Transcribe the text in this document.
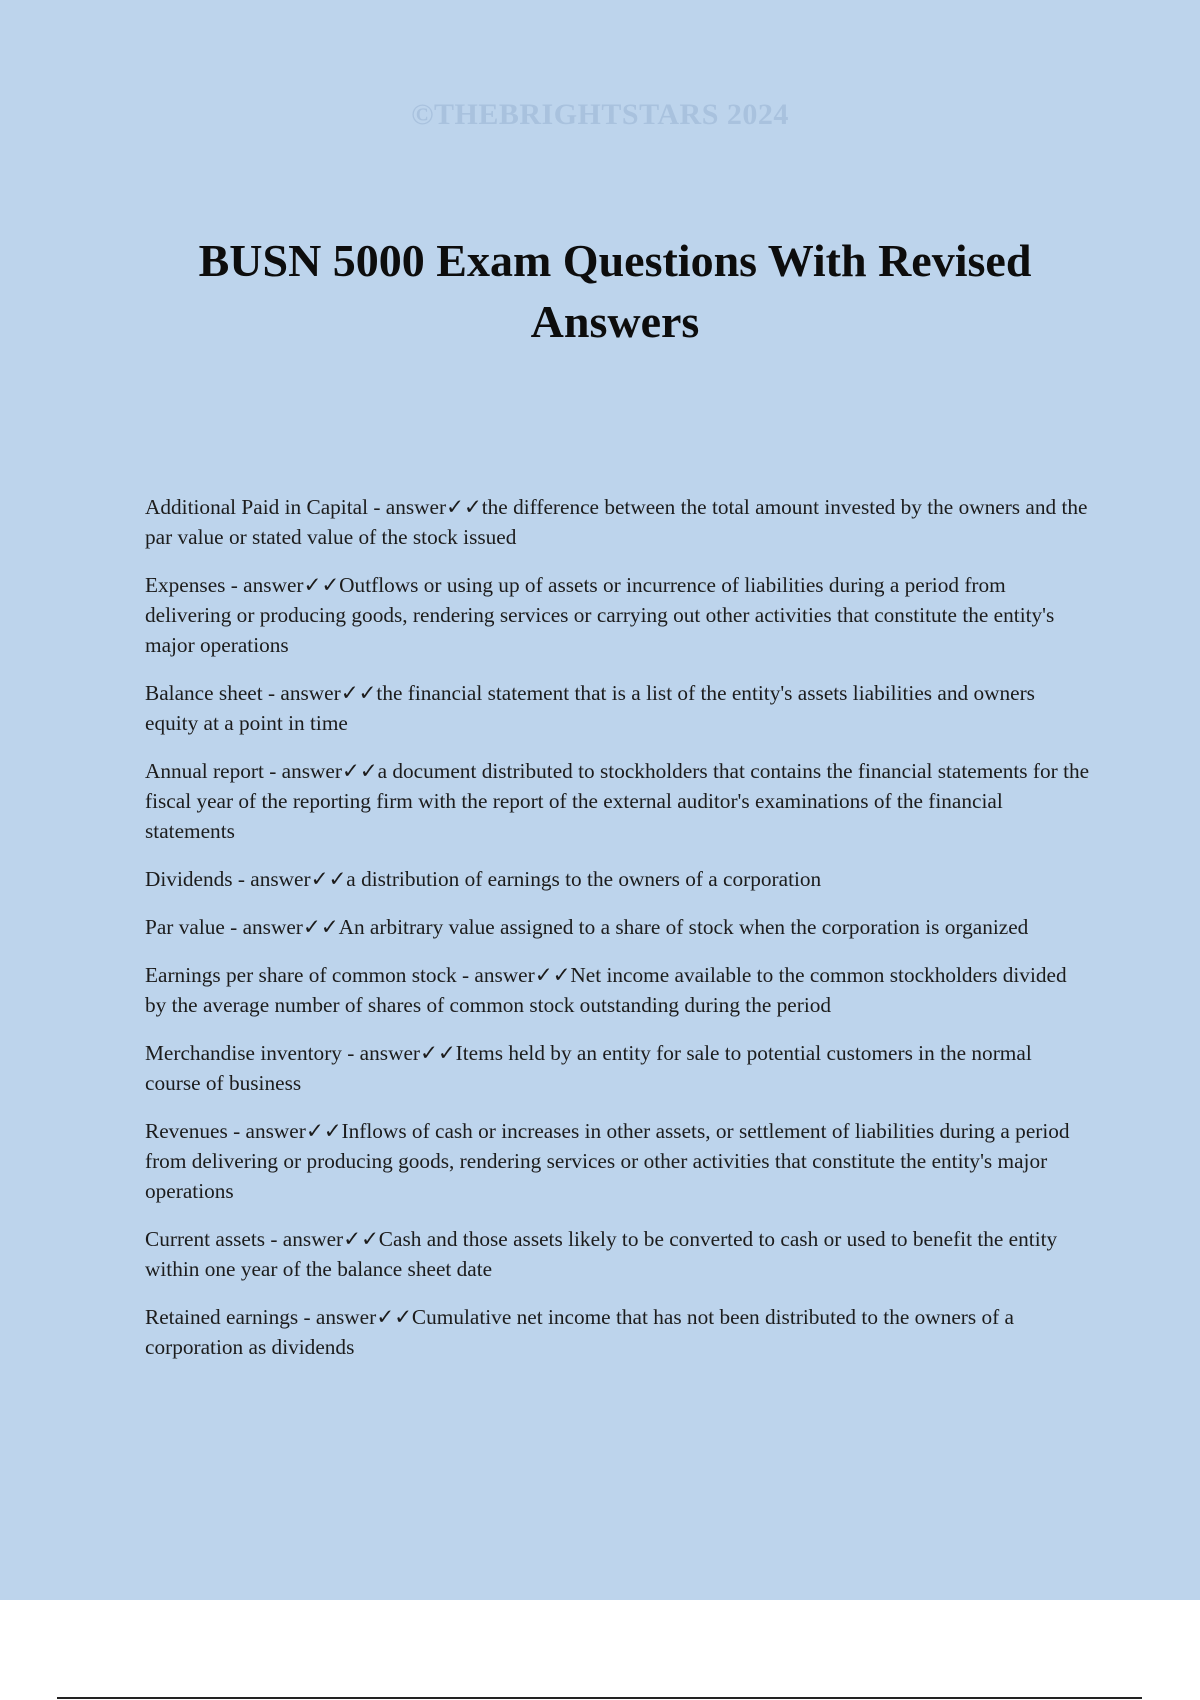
©THEBRIGHTSTARS 2024
BUSN 5000 Exam Questions With Revised Answers

Additional Paid in Capital - answer✓✓the difference between the total amount invested by the owners and the par value or stated value of the stock issued

Expenses - answer✓✓Outflows or using up of assets or incurrence of liabilities during a period from delivering or producing goods, rendering services or carrying out other activities that constitute the entity's major operations

Balance sheet - answer✓✓the financial statement that is a list of the entity's assets liabilities and owners equity at a point in time

Annual report - answer✓✓a document distributed to stockholders that contains the financial statements for the fiscal year of the reporting firm with the report of the external auditor's examinations of the financial statements

Dividends - answer✓✓a distribution of earnings to the owners of a corporation

Par value - answer✓✓An arbitrary value assigned to a share of stock when the corporation is organized

Earnings per share of common stock - answer✓✓Net income available to the common stockholders divided by the average number of shares of common stock outstanding during the period

Merchandise inventory - answer✓✓Items held by an entity for sale to potential customers in the normal course of business

Revenues - answer✓✓Inflows of cash or increases in other assets, or settlement of liabilities during a period from delivering or producing goods, rendering services or other activities that constitute the entity's major operations

Current assets - answer✓✓Cash and those assets likely to be converted to cash or used to benefit the entity within one year of the balance sheet date

Retained earnings - answer✓✓Cumulative net income that has not been distributed to the owners of a corporation as dividends
